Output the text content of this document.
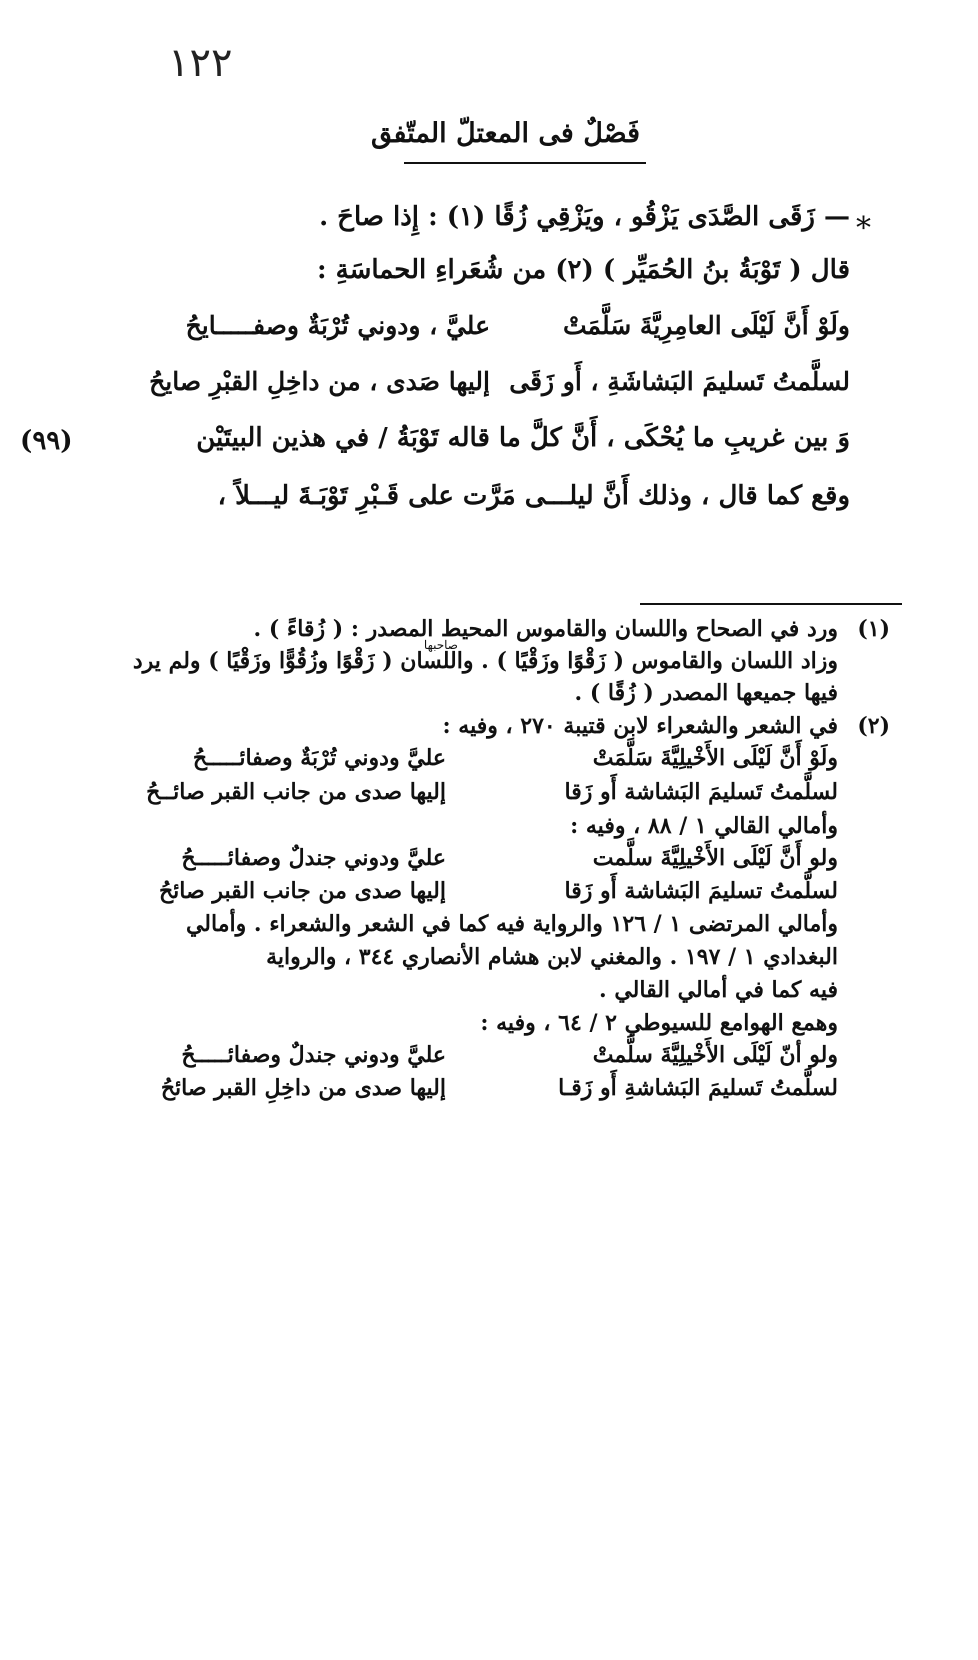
١٢٢
فَصْلٌ فى المعتلّ المتّفق
*
— زَقَى الصَّدَى يَزْقُو ، ويَزْقِي زُقًا (١) : إِذا صاحَ .
قال ( تَوْبَةُ بنُ الحُمَيِّر ) (٢) من شُعَراءِ الحماسَةِ :
ولَوْ أَنَّ لَيْلَى العامِرِيَّةَ سَلَّمَتْ
عليَّ ، ودوني تُرْبَةٌ وصفـــــايحُ
لسلَّمتُ تَسليمَ البَشاشَةِ ، أَو زَقَى
إليها صَدى ، من داخِلِ القبْرِ صايحُ
وَ بين غريبِ ما يُحْكَى ، أَنَّ كلَّ ما قاله تَوْبَةُ / في هذين البيتَيْن
(٩٩)
وقع كما قال ، وذلك أَنَّ ليلـــى مَرَّت على قَـبْرِ تَوْبَـةَ ليـــلاً ،
(١)
ورد في الصحاح واللسان والقاموس المحيط المصدر : ( زُقاءً ) .
وزاد اللسان والقاموس ( زَقْوًا وزَقْيًا ) . واللسان ( زَقْوًا وزُقُوًّا وزَقْيًا ) ولم يرد
صاحبها
فيها جميعها المصدر ( زُقًا ) .
(٢)
في الشعر والشعراء لابن قتيبة ٢٧٠ ، وفيه :
ولَوْ أَنَّ لَيْلَى الأَخْيلِيَّةَ سَلَّمَتْ
عليَّ ودوني تُرْبَةٌ وصفائـــــحُ
لسلَّمتُ تَسليمَ البَشاشة أَو زَقا
إليها صدى من جانب القبر صائــحُ
وأمالي القالي ١ / ٨٨ ، وفيه :
ولو أَنَّ لَيْلَى الأَخْيلِيَّةَ سلَّمت
عليَّ ودوني جندلٌ وصفائـــــحُ
لسلَّمتُ تسليمَ البَشاشة أَو زَقا
إليها صدى من جانب القبر صائحُ
وأمالي المرتضى ١ / ١٢٦ والرواية فيه كما في الشعر والشعراء . وأمالي
البغدادي ١ / ١٩٧ . والمغني لابن هشام الأنصاري ٣٤٤ ، والرواية
فيه كما في أمالي القالي .
وهمع الهوامع للسيوطي ٢ / ٦٤ ، وفيه :
ولو أنّ لَيْلَى الأَخْيلِيَّةَ سلَّمتْ
عليَّ ودوني جندلٌ وصفائـــــحُ
لسلَّمتُ تَسليمَ البَشاشةِ أَو زَقـا
إليها صدى من داخِلِ القبر صائحُ
